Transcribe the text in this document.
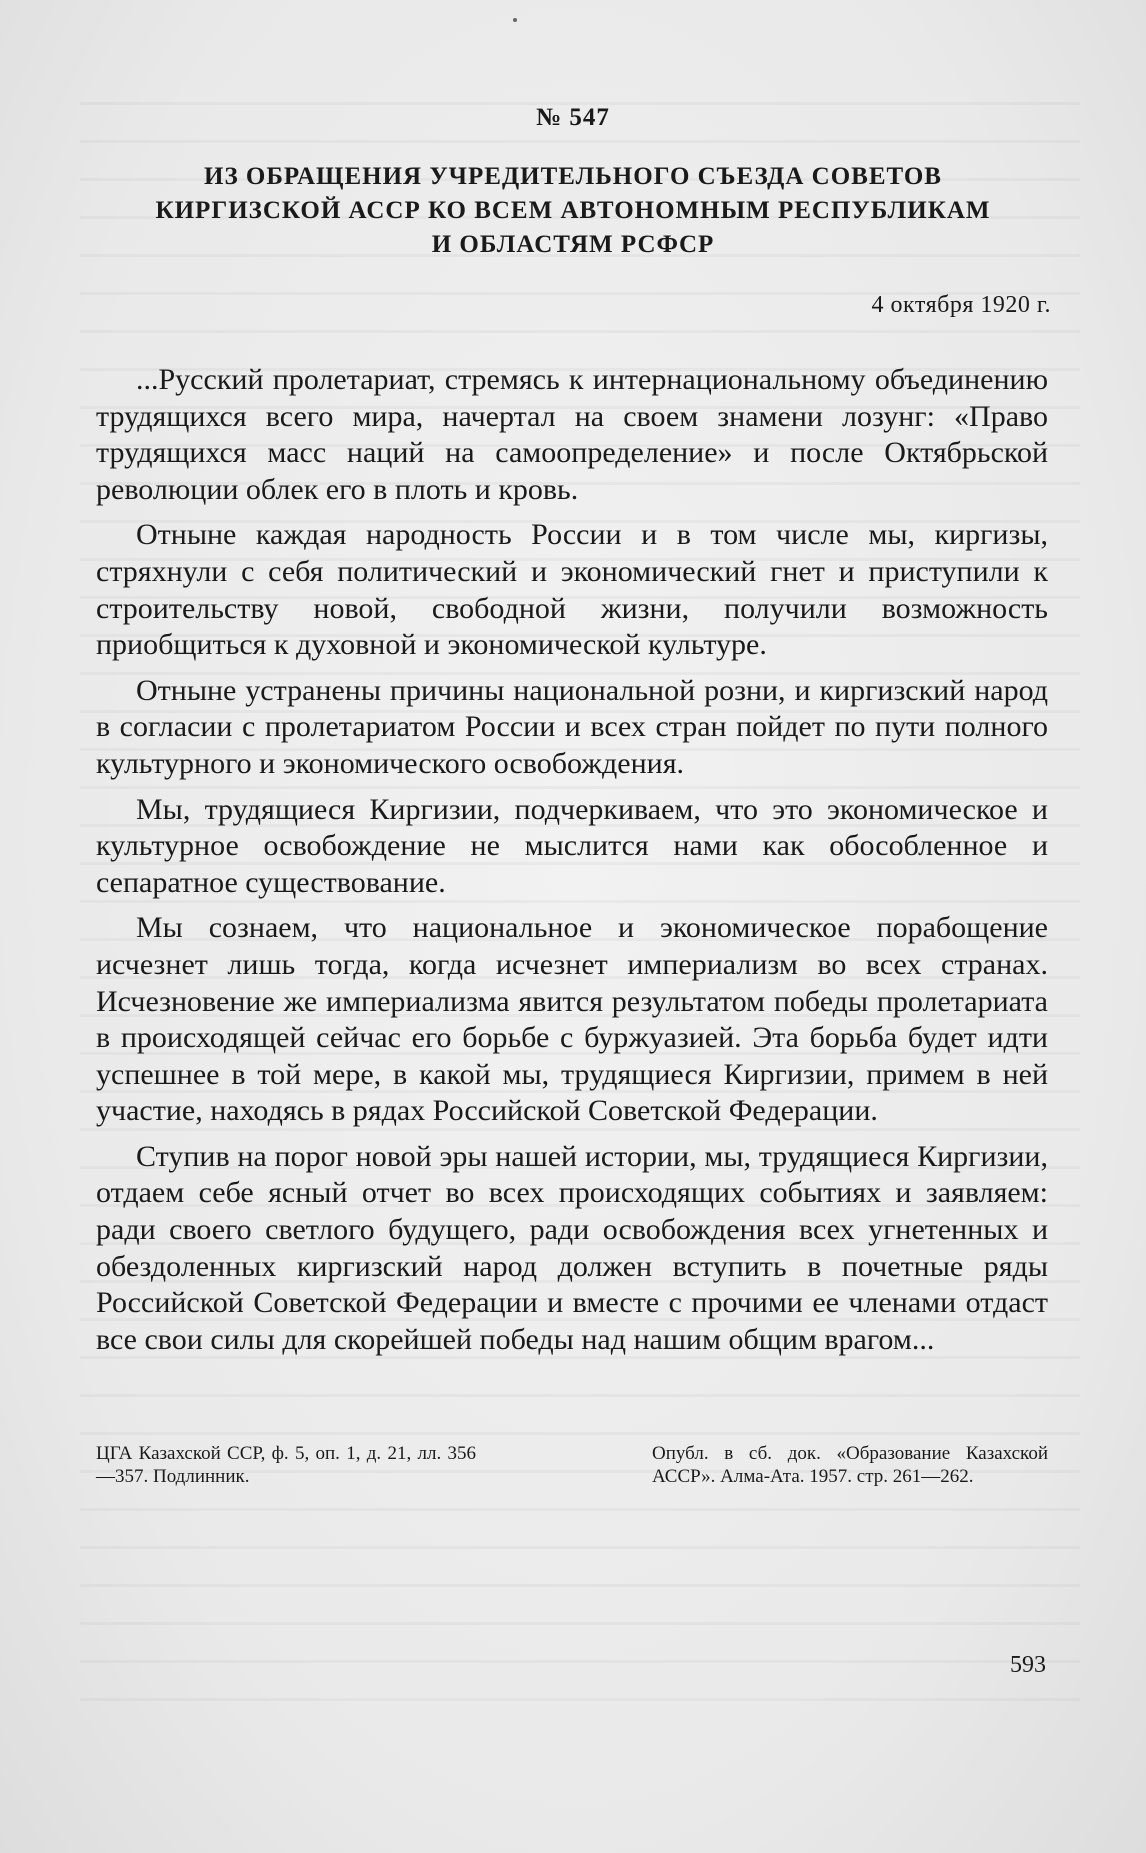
№ 547
ИЗ ОБРАЩЕНИЯ УЧРЕДИТЕЛЬНОГО СЪЕЗДА СОВЕТОВ
КИРГИЗСКОЙ АССР КО ВСЕМ АВТОНОМНЫМ РЕСПУБЛИКАМ
И ОБЛАСТЯМ РСФСР
4 октября 1920 г.

...Русский пролетариат, стремясь к интернациональному объединению трудящихся всего мира, начертал на своем знамени лозунг: «Право трудящихся масс наций на самоопределение» и после Октябрьской революции облек его в плоть и кровь.

Отныне каждая народность России и в том числе мы, киргизы, стряхнули с себя политический и экономический гнет и приступили к строительству новой, свободной жизни, получили возможность приобщиться к духовной и экономической культуре.

Отныне устранены причины национальной розни, и киргизский народ в согласии с пролетариатом России и всех стран пойдет по пути полного культурного и экономического освобождения.

Мы, трудящиеся Киргизии, подчеркиваем, что это экономическое и культурное освобождение не мыслится нами как обособленное и сепаратное существование.

Мы сознаем, что национальное и экономическое порабощение исчезнет лишь тогда, когда исчезнет империализм во всех странах. Исчезновение же империализма явится результатом победы пролетариата в происходящей сейчас его борьбе с буржуазией. Эта борьба будет идти успешнее в той мере, в какой мы, трудящиеся Киргизии, примем в ней участие, находясь в рядах Российской Советской Федерации.

Ступив на порог новой эры нашей истории, мы, трудящиеся Киргизии, отдаем себе ясный отчет во всех происходящих событиях и заявляем: ради своего светлого будущего, ради освобождения всех угнетенных и обездоленных киргизский народ должен вступить в почетные ряды Российской Советской Федерации и вместе с прочими ее членами отдаст все свои силы для скорейшей победы над нашим общим врагом...

ЦГА Казахской ССР, ф. 5, оп. 1, д. 21, лл. 356—357. Подлинник.
Опубл. в сб. док. «Образование Казахской АССР». Алма-Ата. 1957. стр. 261—262.
593
